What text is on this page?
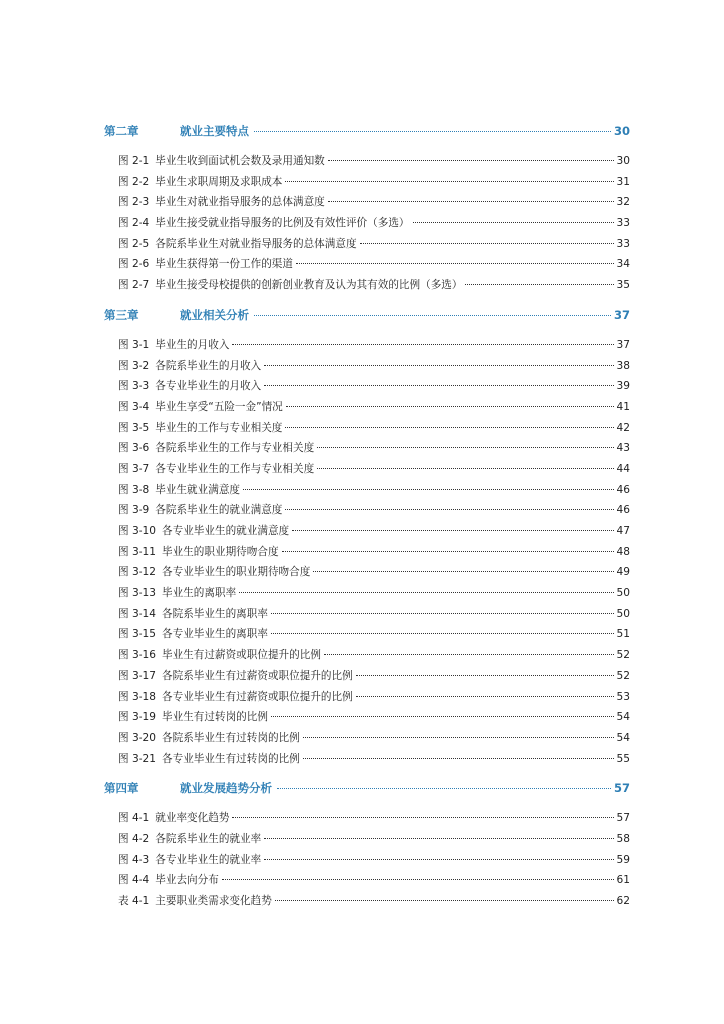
第二章	就业主要特点	30
图 2-1 毕业生收到面试机会数及录用通知数	30
图 2-2 毕业生求职周期及求职成本	31
图 2-3 毕业生对就业指导服务的总体满意度	32
图 2-4 毕业生接受就业指导服务的比例及有效性评价（多选）	33
图 2-5 各院系毕业生对就业指导服务的总体满意度	33
图 2-6 毕业生获得第一份工作的渠道	34
图 2-7 毕业生接受母校提供的创新创业教育及认为其有效的比例（多选）	35
第三章	就业相关分析	37
图 3-1 毕业生的月收入	37
图 3-2 各院系毕业生的月收入	38
图 3-3 各专业毕业生的月收入	39
图 3-4 毕业生享受“五险一金”情况	41
图 3-5 毕业生的工作与专业相关度	42
图 3-6 各院系毕业生的工作与专业相关度	43
图 3-7 各专业毕业生的工作与专业相关度	44
图 3-8 毕业生就业满意度	46
图 3-9 各院系毕业生的就业满意度	46
图 3-10 各专业毕业生的就业满意度	47
图 3-11 毕业生的职业期待吻合度	48
图 3-12 各专业毕业生的职业期待吻合度	49
图 3-13 毕业生的离职率	50
图 3-14 各院系毕业生的离职率	50
图 3-15 各专业毕业生的离职率	51
图 3-16 毕业生有过薪资或职位提升的比例	52
图 3-17 各院系毕业生有过薪资或职位提升的比例	52
图 3-18 各专业毕业生有过薪资或职位提升的比例	53
图 3-19 毕业生有过转岗的比例	54
图 3-20 各院系毕业生有过转岗的比例	54
图 3-21 各专业毕业生有过转岗的比例	55
第四章	就业发展趋势分析	57
图 4-1 就业率变化趋势	57
图 4-2 各院系毕业生的就业率	58
图 4-3 各专业毕业生的就业率	59
图 4-4 毕业去向分布	61
表 4-1 主要职业类需求变化趋势	62
